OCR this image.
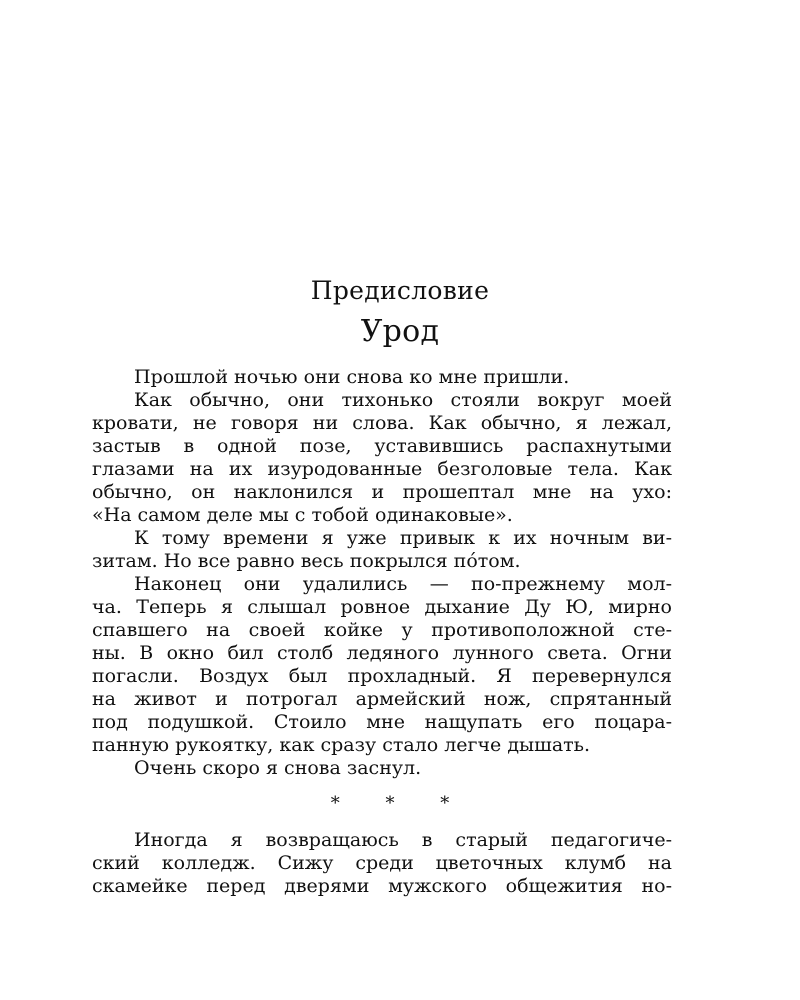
Предисловие
Урод
Прошлой ночью они снова ко мне пришли.
Как обычно, они тихонько стояли вокруг моей
кровати, не говоря ни слова. Как обычно, я лежал,
застыв в одной позе, уставившись распахнутыми
глазами на их изуродованные безголовые тела. Как
обычно, он наклонился и прошептал мне на ухо:
«На самом деле мы с тобой одинаковые».
К тому времени я уже привык к их ночным ви-
зитам. Но все равно весь покрылся пóтом.
Наконец они удалились — по-прежнему мол-
ча. Теперь я слышал ровное дыхание Ду Ю, мирно
спавшего на своей койке у противоположной сте-
ны. В окно бил столб ледяного лунного света. Огни
погасли. Воздух был прохладный. Я перевернулся
на живот и потрогал армейский нож, спрятанный
под подушкой. Стоило мне нащупать его поцара-
панную рукоятку, как сразу стало легче дышать.
Очень скоро я снова заснул.

* * *

Иногда я возвращаюсь в старый педагогиче-
ский колледж. Сижу среди цветочных клумб на
скамейке перед дверями мужского общежития но-
